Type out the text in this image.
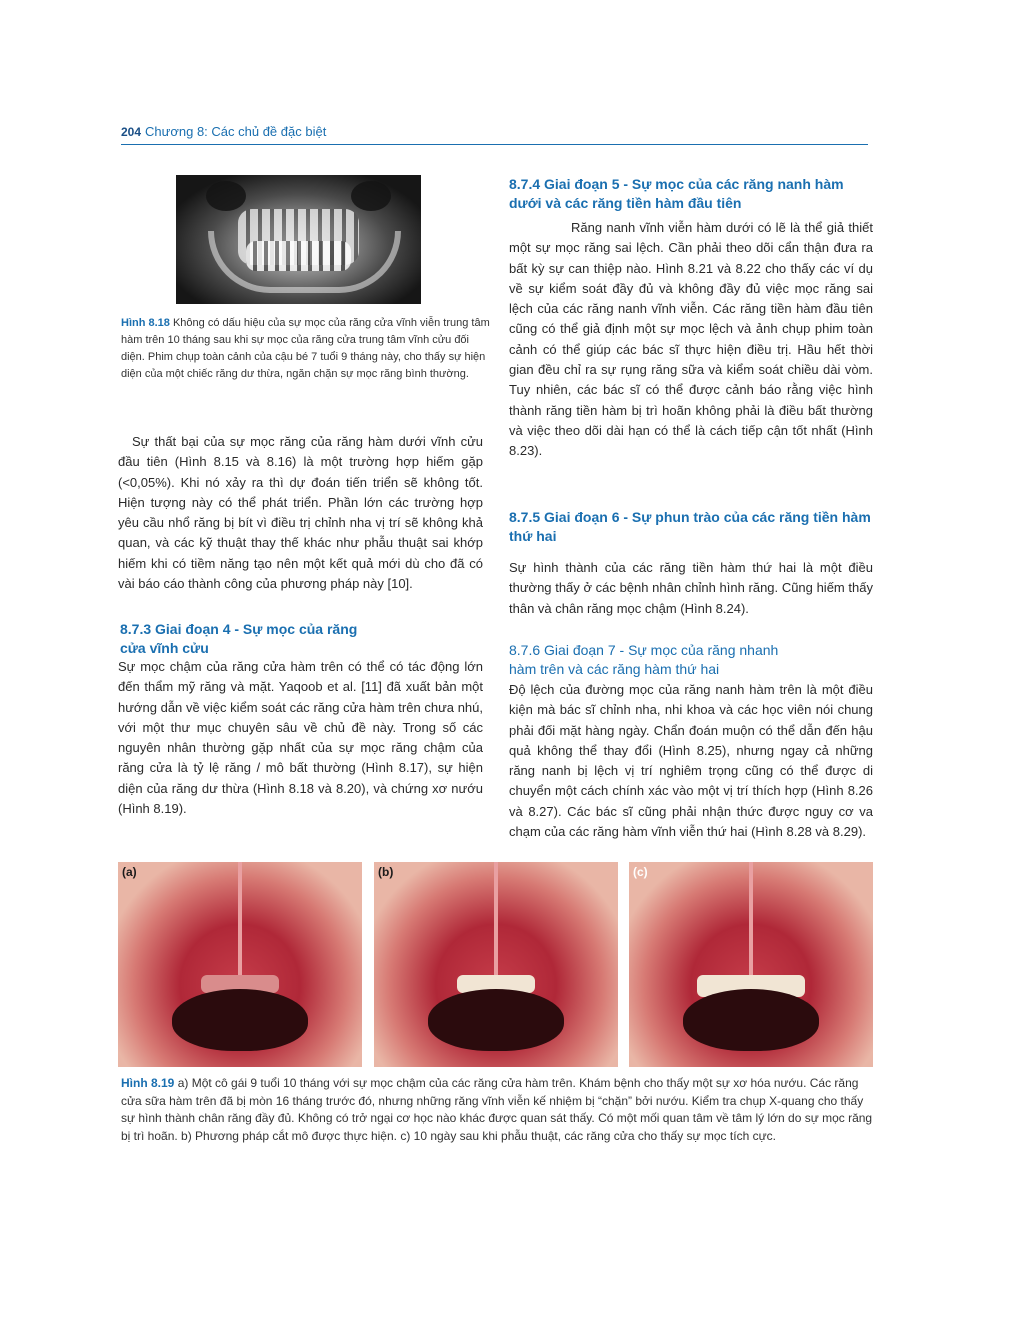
204 Chương 8: Các chủ đề đặc biệt
Hình 8.18 Không có dấu hiệu của sự mọc của răng cửa vĩnh viễn trung tâm hàm trên 10 tháng sau khi sự mọc của răng cửa trung tâm vĩnh cửu đối diện. Phim chụp toàn cảnh của cậu bé 7 tuổi 9 tháng này, cho thấy sự hiện diện của một chiếc răng dư thừa, ngăn chặn sự mọc răng bình thường.

Sự thất bại của sự mọc răng của răng hàm dưới vĩnh cửu đầu tiên (Hình 8.15 và 8.16) là một trường hợp hiếm gặp (<0,05%). Khi nó xảy ra thì dự đoán tiến triển sẽ không tốt. Hiện tượng này có thể phát triển. Phần lớn các trường hợp yêu cầu nhổ răng bị bít vì điều trị chỉnh nha vị trí sẽ không khả quan, và các kỹ thuật thay thế khác như phẫu thuật sai khớp hiếm khi có tiềm năng tạo nên một kết quả mới dù cho đã có vài báo cáo thành công của phương pháp này [10].

8.7.3 Giai đoạn 4 - Sự mọc của răng
cửa vĩnh cửu

Sự mọc chậm của răng cửa hàm trên có thể có tác động lớn đến thẩm mỹ răng và mặt. Yaqoob et al. [11] đã xuất bản một hướng dẫn về việc kiểm soát các răng cửa hàm trên chưa nhú, với một thư mục chuyên sâu về chủ đề này. Trong số các nguyên nhân thường gặp nhất của sự mọc răng chậm của răng cửa là tỷ lệ răng / mô bất thường (Hình 8.17), sự hiện diện của răng dư thừa (Hình 8.18 và 8.20), và chứng xơ nướu (Hình 8.19).

8.7.4 Giai đoạn 5 - Sự mọc của các răng nanh hàm dưới và các răng tiền hàm đầu tiên

Răng nanh vĩnh viễn hàm dưới có lẽ là thể giả thiết một sự mọc răng sai lệch. Cần phải theo dõi cẩn thận đưa ra bất kỳ sự can thiệp nào. Hình 8.21 và 8.22 cho thấy các ví dụ về sự kiểm soát đầy đủ và không đầy đủ việc mọc răng sai lệch của các răng nanh vĩnh viễn. Các răng tiền hàm đầu tiên cũng có thể giả định một sự mọc lệch và ảnh chụp phim toàn cảnh có thể giúp các bác sĩ thực hiện điều trị. Hầu hết thời gian đều chỉ ra sự rụng răng sữa và kiểm soát chiều dài vòm. Tuy nhiên, các bác sĩ có thể được cảnh báo rằng việc hình thành răng tiền hàm bị trì hoãn không phải là điều bất thường và việc theo dõi dài hạn có thể là cách tiếp cận tốt nhất (Hình 8.23).

8.7.5 Giai đoạn 6 - Sự phun trào của các răng tiền hàm thứ hai

Sự hình thành của các răng tiền hàm thứ hai là một điều thường thấy ở các bệnh nhân chỉnh hình răng. Cũng hiếm thấy thân và chân răng mọc chậm (Hình 8.24).

8.7.6 Giai đoạn 7 - Sự mọc của răng nhanh
hàm trên và các răng hàm thứ hai

Độ lệch của đường mọc của răng nanh hàm trên là một điều kiện mà bác sĩ chỉnh nha, nhi khoa và các học viên nói chung phải đối mặt hàng ngày. Chẩn đoán muộn có thể dẫn đến hậu quả không thể thay đổi (Hình 8.25), nhưng ngay cả những răng nanh bị lệch vị trí nghiêm trọng cũng có thể được di chuyển một cách chính xác vào một vị trí thích hợp (Hình 8.26 và 8.27). Các bác sĩ cũng phải nhận thức được nguy cơ va chạm của các răng hàm vĩnh viễn thứ hai (Hình 8.28 và 8.29).

(a)	(b)	(c)
Hình 8.19 a) Một cô gái 9 tuổi 10 tháng với sự mọc chậm của các răng cửa hàm trên. Khám bệnh cho thấy một sự xơ hóa nướu. Các răng cửa sữa hàm trên đã bị mòn 16 tháng trước đó, nhưng những răng vĩnh viễn kế nhiệm bị “chặn” bởi nướu. Kiểm tra chụp X-quang cho thấy sự hình thành chân răng đầy đủ. Không có trở ngại cơ học nào khác được quan sát thấy. Có một mối quan tâm về tâm lý lớn do sự mọc răng bị trì hoãn. b) Phương pháp cắt mô được thực hiện. c) 10 ngày sau khi phẫu thuật, các răng cửa cho thấy sự mọc tích cực.
